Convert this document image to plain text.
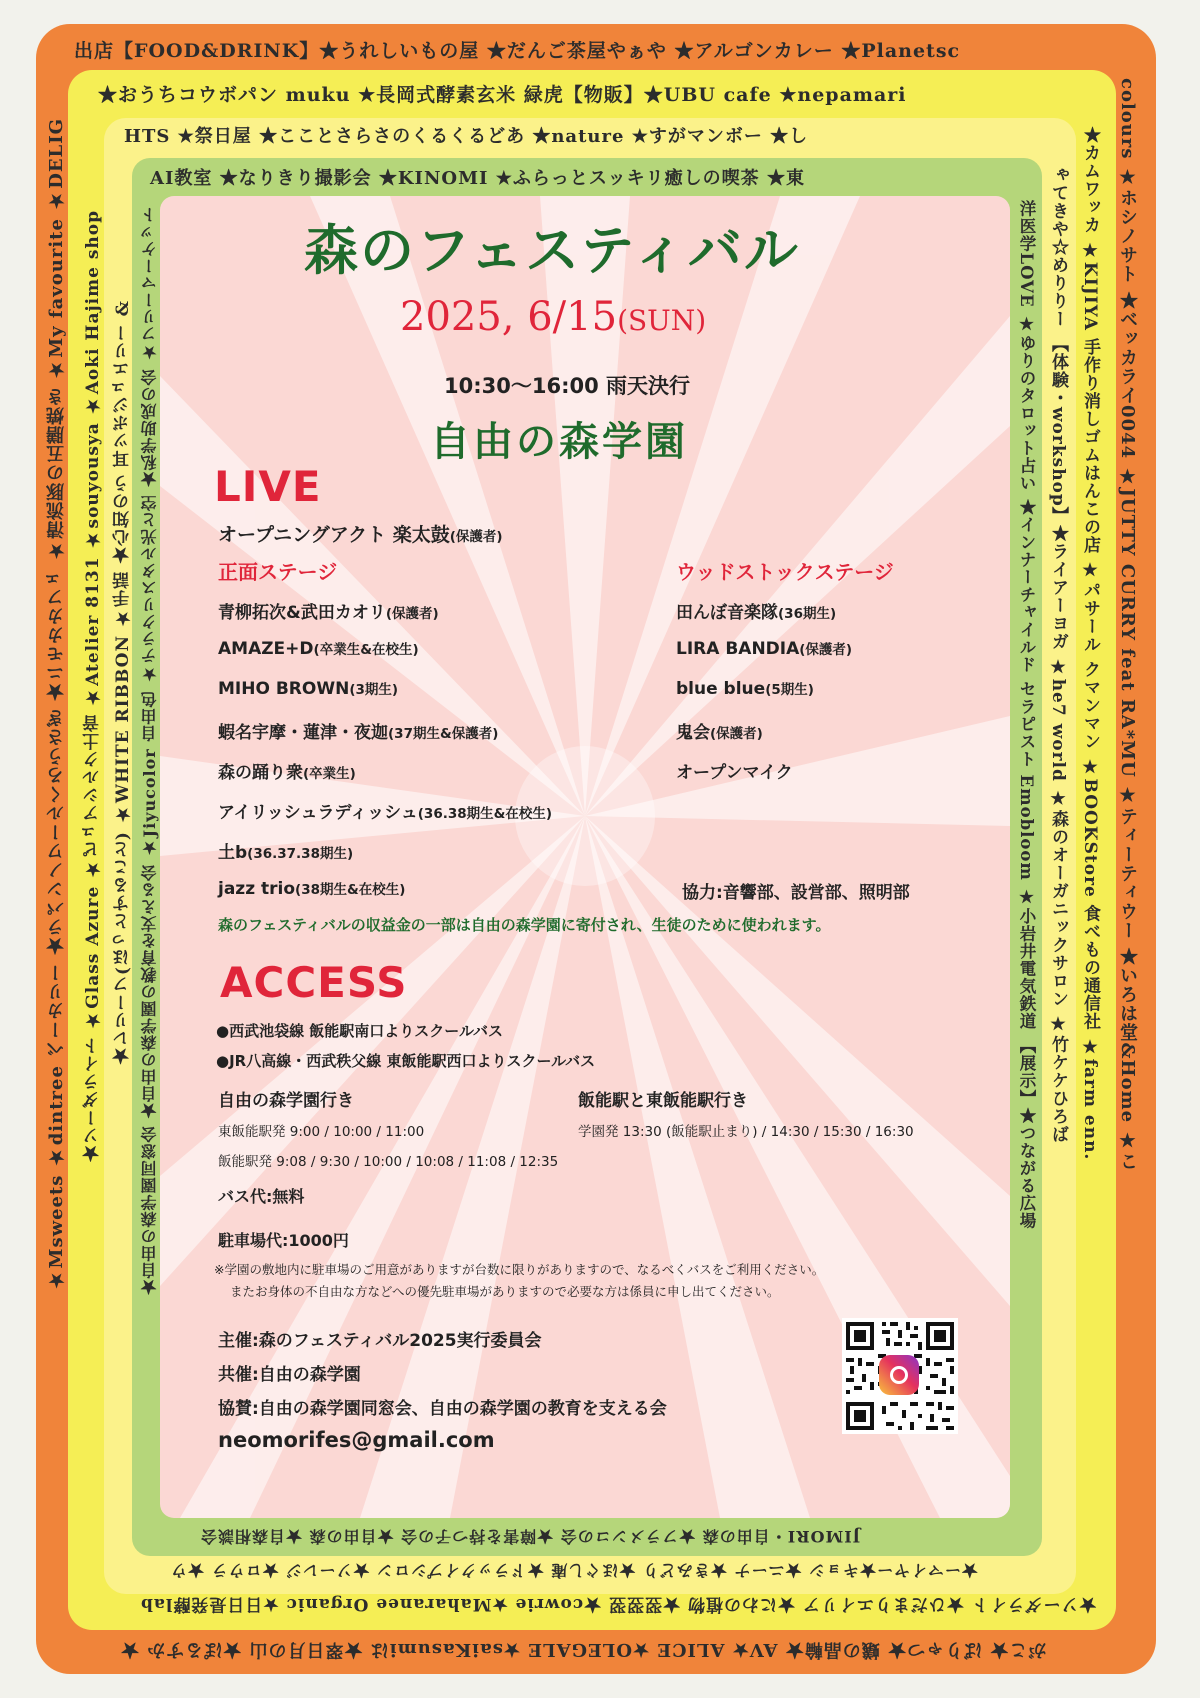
出店【FOOD&DRINK】★うれしいもの屋 ★だんご茶屋やぁや ★アルゴンカレー ★Planetsc
colours ★ホシノサト ★ベッカライ0044 ★JUTTY CURRY feat RA*MU ★ティーティウー ★いろは堂&Home ★こ
がこ★ ばりゃつ★ 蟻の晶輪★ AV★ ALICE ★OLEGALE ★saiKasumiは ★翠日月の山 ★ぽるすか ★
★Msweets ★dintree ベーカリー ★ラパンノワールくろうさぎ ★ニモカカフェ ★清流豚の五膳焼き ★My favourite ★DELIG
★おうちコウボパン muku ★長岡式酵素玄米 緑虎【物販】★UBU cafe ★nepamari
★カムワッカ ★KIJIYA 手作り消しゴムはんこの店 ★パサール クマンマン ★BOOKStore 食べもの通信社 ★farm enn.
★ソーダライト ★ひだまりエイリア ★にわの植物 ★翌翌翌 ★cowrie ★Maharanee Organic ★日日是発酵lab
★ソーダライト ★Glass Azure ★ピュアシルク土音 ★Atelier 8131 ★souyousya ★Aoki Hajime shop
HTS ★祭日屋 ★こことさらさのくるくるどあ ★nature ★すがマンボー ★し
ゃてきや☆めりりー 【体験・workshop】★ライアーヨガ ★he7 world ★森のオーガニックサロン ★竹ケケひろば
★ーマイヤー★キョシ ★ニーナ ★きみどり ★ほぐし庵 ★ドラックイプシロン ★ソーレジ ★ロウラ ★ウ
★レリーフ(ほっとすること) ★WHITE RIBBON ★手話 ★心知のう 耳ツボジュエリー &
AI教室 ★なりきり撮影会 ★KINOMI ★ふらっとスッキリ癒しの喫茶 ★東
洋医学LOVE ★ゆりのタロット占い ★インナーチャイルド セラピスト Emobloom ★小岩井電気鉄道 【展示】★つながる広場
JIMORI・自由の森 ★フラメンコの会 ★障害を持つ子の会 ★自由の森 ★自森相談会
★自由の森学園同窓会 ★自由の森学園の教育を支える会 ★Jiyucolor 自由色 ★テラクリスタル光と空 ★私学助成の会 ★フリーマーケット	森のフェスティバル
2025, 6/15(SUN)
10:30〜16:00 雨天決行
自由の森学園
LIVE
オープニングアクト 楽太鼓(保護者)
正面ステージ	ウッドストックステージ
青柳拓次&武田カオリ(保護者)
AMAZE+D(卒業生&在校生)
MIHO BROWN(3期生)
蝦名宇摩・蓮津・夜迦(37期生&保護者)
森の踊り衆(卒業生)
アイリッシュラディッシュ(36.38期生&在校生)
土b(36.37.38期生)
jazz trio(38期生&在校生)
田んぼ音楽隊(36期生)
LIRA BANDIA(保護者)
blue blue(5期生)
鬼会(保護者)
オープンマイク
協力:音響部、設営部、照明部
森のフェスティバルの収益金の一部は自由の森学園に寄付され、生徒のために使われます。
ACCESS
●西武池袋線 飯能駅南口よりスクールバス
●JR八高線・西武秩父線 東飯能駅西口よりスクールバス
自由の森学園行き	飯能駅と東飯能駅行き
東飯能駅発 9:00 / 10:00 / 11:00	学園発 13:30 (飯能駅止まり) / 14:30 / 15:30 / 16:30
飯能駅発 9:08 / 9:30 / 10:00 / 10:08 / 11:08 / 12:35
バス代:無料
駐車場代:1000円
※学園の敷地内に駐車場のご用意がありますが台数に限りがありますので、なるべくバスをご利用ください。
またお身体の不自由な方などへの優先駐車場がありますので必要な方は係員に申し出てください。
主催:森のフェスティバル2025実行委員会
共催:自由の森学園
協賛:自由の森学園同窓会、自由の森学園の教育を支える会
neomorifes@gmail.com
